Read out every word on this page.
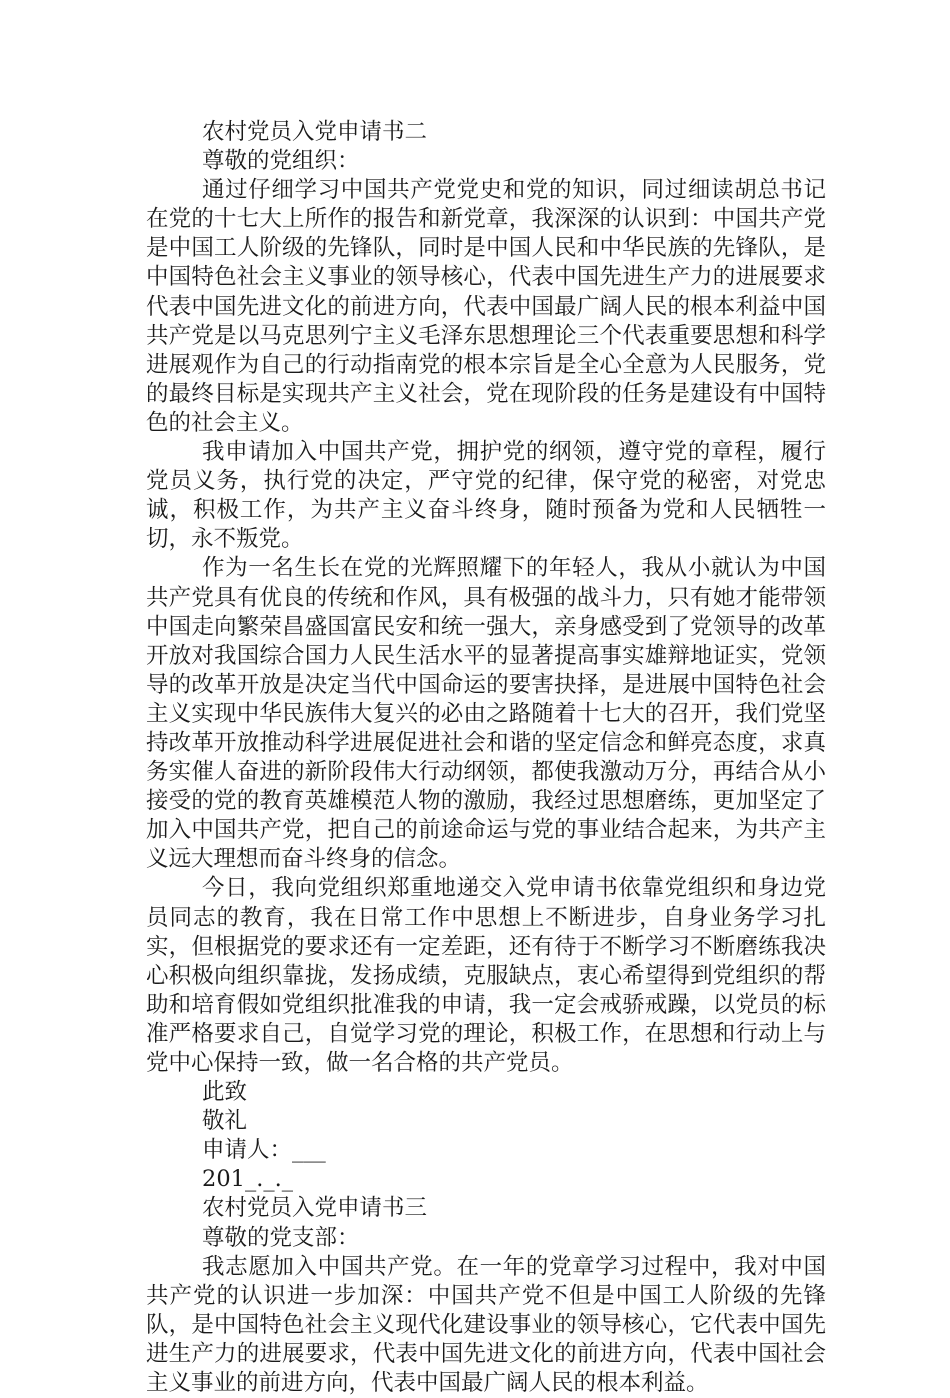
农村党员入党申请书二

尊敬的党组织：

通过仔细学习中国共产党党史和党的知识，同过细读胡总书记在党的十七大上所作的报告和新党章，我深深的认识到：中国共产党是中国工人阶级的先锋队，同时是中国人民和中华民族的先锋队，是中国特色社会主义事业的领导核心，代表中国先进生产力的进展要求代表中国先进文化的前进方向，代表中国最广阔人民的根本利益中国共产党是以马克思列宁主义毛泽东思想理论三个代表重要思想和科学进展观作为自己的行动指南党的根本宗旨是全心全意为人民服务，党的最终目标是实现共产主义社会，党在现阶段的任务是建设有中国特色的社会主义。

我申请加入中国共产党，拥护党的纲领，遵守党的章程，履行党员义务，执行党的决定，严守党的纪律，保守党的秘密，对党忠诚，积极工作，为共产主义奋斗终身，随时预备为党和人民牺牲一切，永不叛党。

作为一名生长在党的光辉照耀下的年轻人，我从小就认为中国共产党具有优良的传统和作风，具有极强的战斗力，只有她才能带领中国走向繁荣昌盛国富民安和统一强大，亲身感受到了党领导的改革开放对我国综合国力人民生活水平的显著提高事实雄辩地证实，党领导的改革开放是决定当代中国命运的要害抉择，是进展中国特色社会主义实现中华民族伟大复兴的必由之路随着十七大的召开，我们党坚持改革开放推动科学进展促进社会和谐的坚定信念和鲜亮态度，求真务实催人奋进的新阶段伟大行动纲领，都使我激动万分，再结合从小接受的党的教育英雄模范人物的激励，我经过思想磨练，更加坚定了加入中国共产党，把自己的前途命运与党的事业结合起来，为共产主义远大理想而奋斗终身的信念。

今日，我向党组织郑重地递交入党申请书依靠党组织和身边党员同志的教育，我在日常工作中思想上不断进步，自身业务学习扎实，但根据党的要求还有一定差距，还有待于不断学习不断磨练我决心积极向组织靠拢，发扬成绩，克服缺点，衷心希望得到党组织的帮助和培育假如党组织批准我的申请，我一定会戒骄戒躁，以党员的标准严格要求自己，自觉学习党的理论，积极工作，在思想和行动上与党中心保持一致，做一名合格的共产党员。

此致

敬礼

申请人：___

201_._._

农村党员入党申请书三

尊敬的党支部：

我志愿加入中国共产党。在一年的党章学习过程中，我对中国共产党的认识进一步加深：中国共产党不但是中国工人阶级的先锋队，是中国特色社会主义现代化建设事业的领导核心，它代表中国先进生产力的进展要求，代表中国先进文化的前进方向，代表中国社会主义事业的前进方向，代表中国最广阔人民的根本利益。
